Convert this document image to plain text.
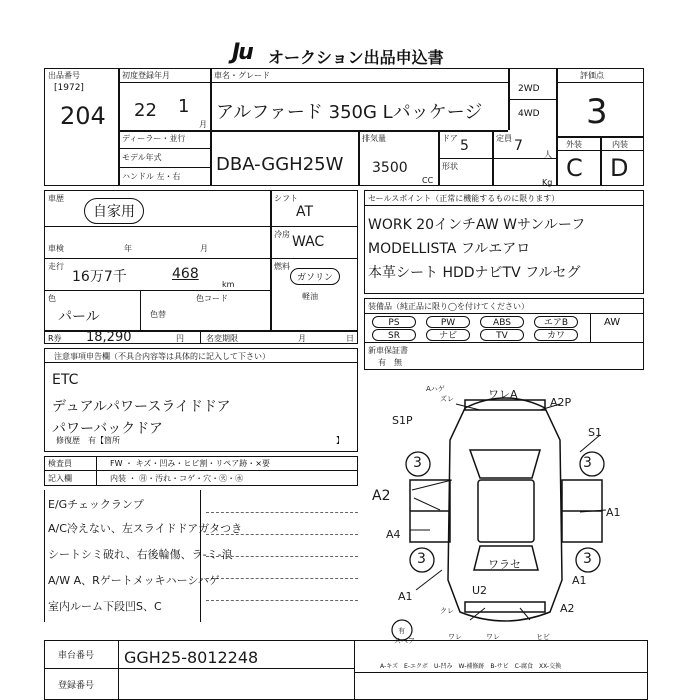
Ju オークション出品申込書
出品番号
[1972]
204
初度登録年月
22 1
月
車名・グレード
アルファード 350G Lパッケージ
2WD
4WD
評価点
3
外装	内装
C D
ディーラー・並行
モデル年式
ハンドル 左・右
DBA-GGH25W
排気量
3500
CC
ドア 5
形状
定員 7
人
Kg
車歴
自家用
シフト
AT
車検	年	月
冷房 WAC
走行
16万7千	468
km
燃料
ガソリン
軽油
色
パール	色替
色コード
R券 18,290	円	名変期限	月	日
セールスポイント（正常に機能するものに限ります）
WORK 20インチAW Wサンルーフ
MODELLISTA フルエアロ
本革シート HDDナビTV フルセグ
装備品（純正品に限り◯を付けてください）
PS	PW	ABS	エアB	AW
SR	ナビ	TV	カワ
新車保証書
有　無
注意事項申告欄（不具合内容等は具体的に記入して下さい）
ETC
デュアルパワースライドドア
パワーバックドア
修復歴　有【箇所	】
検査員	FW ・ キズ・凹み・ヒビ割・リペア跡・×要
記入欄	内装 ・ ㊊・汚れ・コゲ・穴・㊋・㊌
E/Gチェックランプ
A/C冷えない、左スライドドアガタつき
シートシミ破れ、右後輪傷、ラ-ミ-浪
A/W A、Rゲートメッキハーシハゲ
室内ルーム下段凹S、C
Aハゲ
ズレ	ワレA
A2P
S1P
S1
A2
A1
A4
A1
A1
U2
A2
ワレ
クレ
ヒビ
スペア	ワレ
3	3
3	3
ワラセ
有
車台番号 GGH25-8012248
登録番号
A-キズ　E-エクボ　U-凹み　W-補修跡　B-サビ　C-腐食　XX-交換
